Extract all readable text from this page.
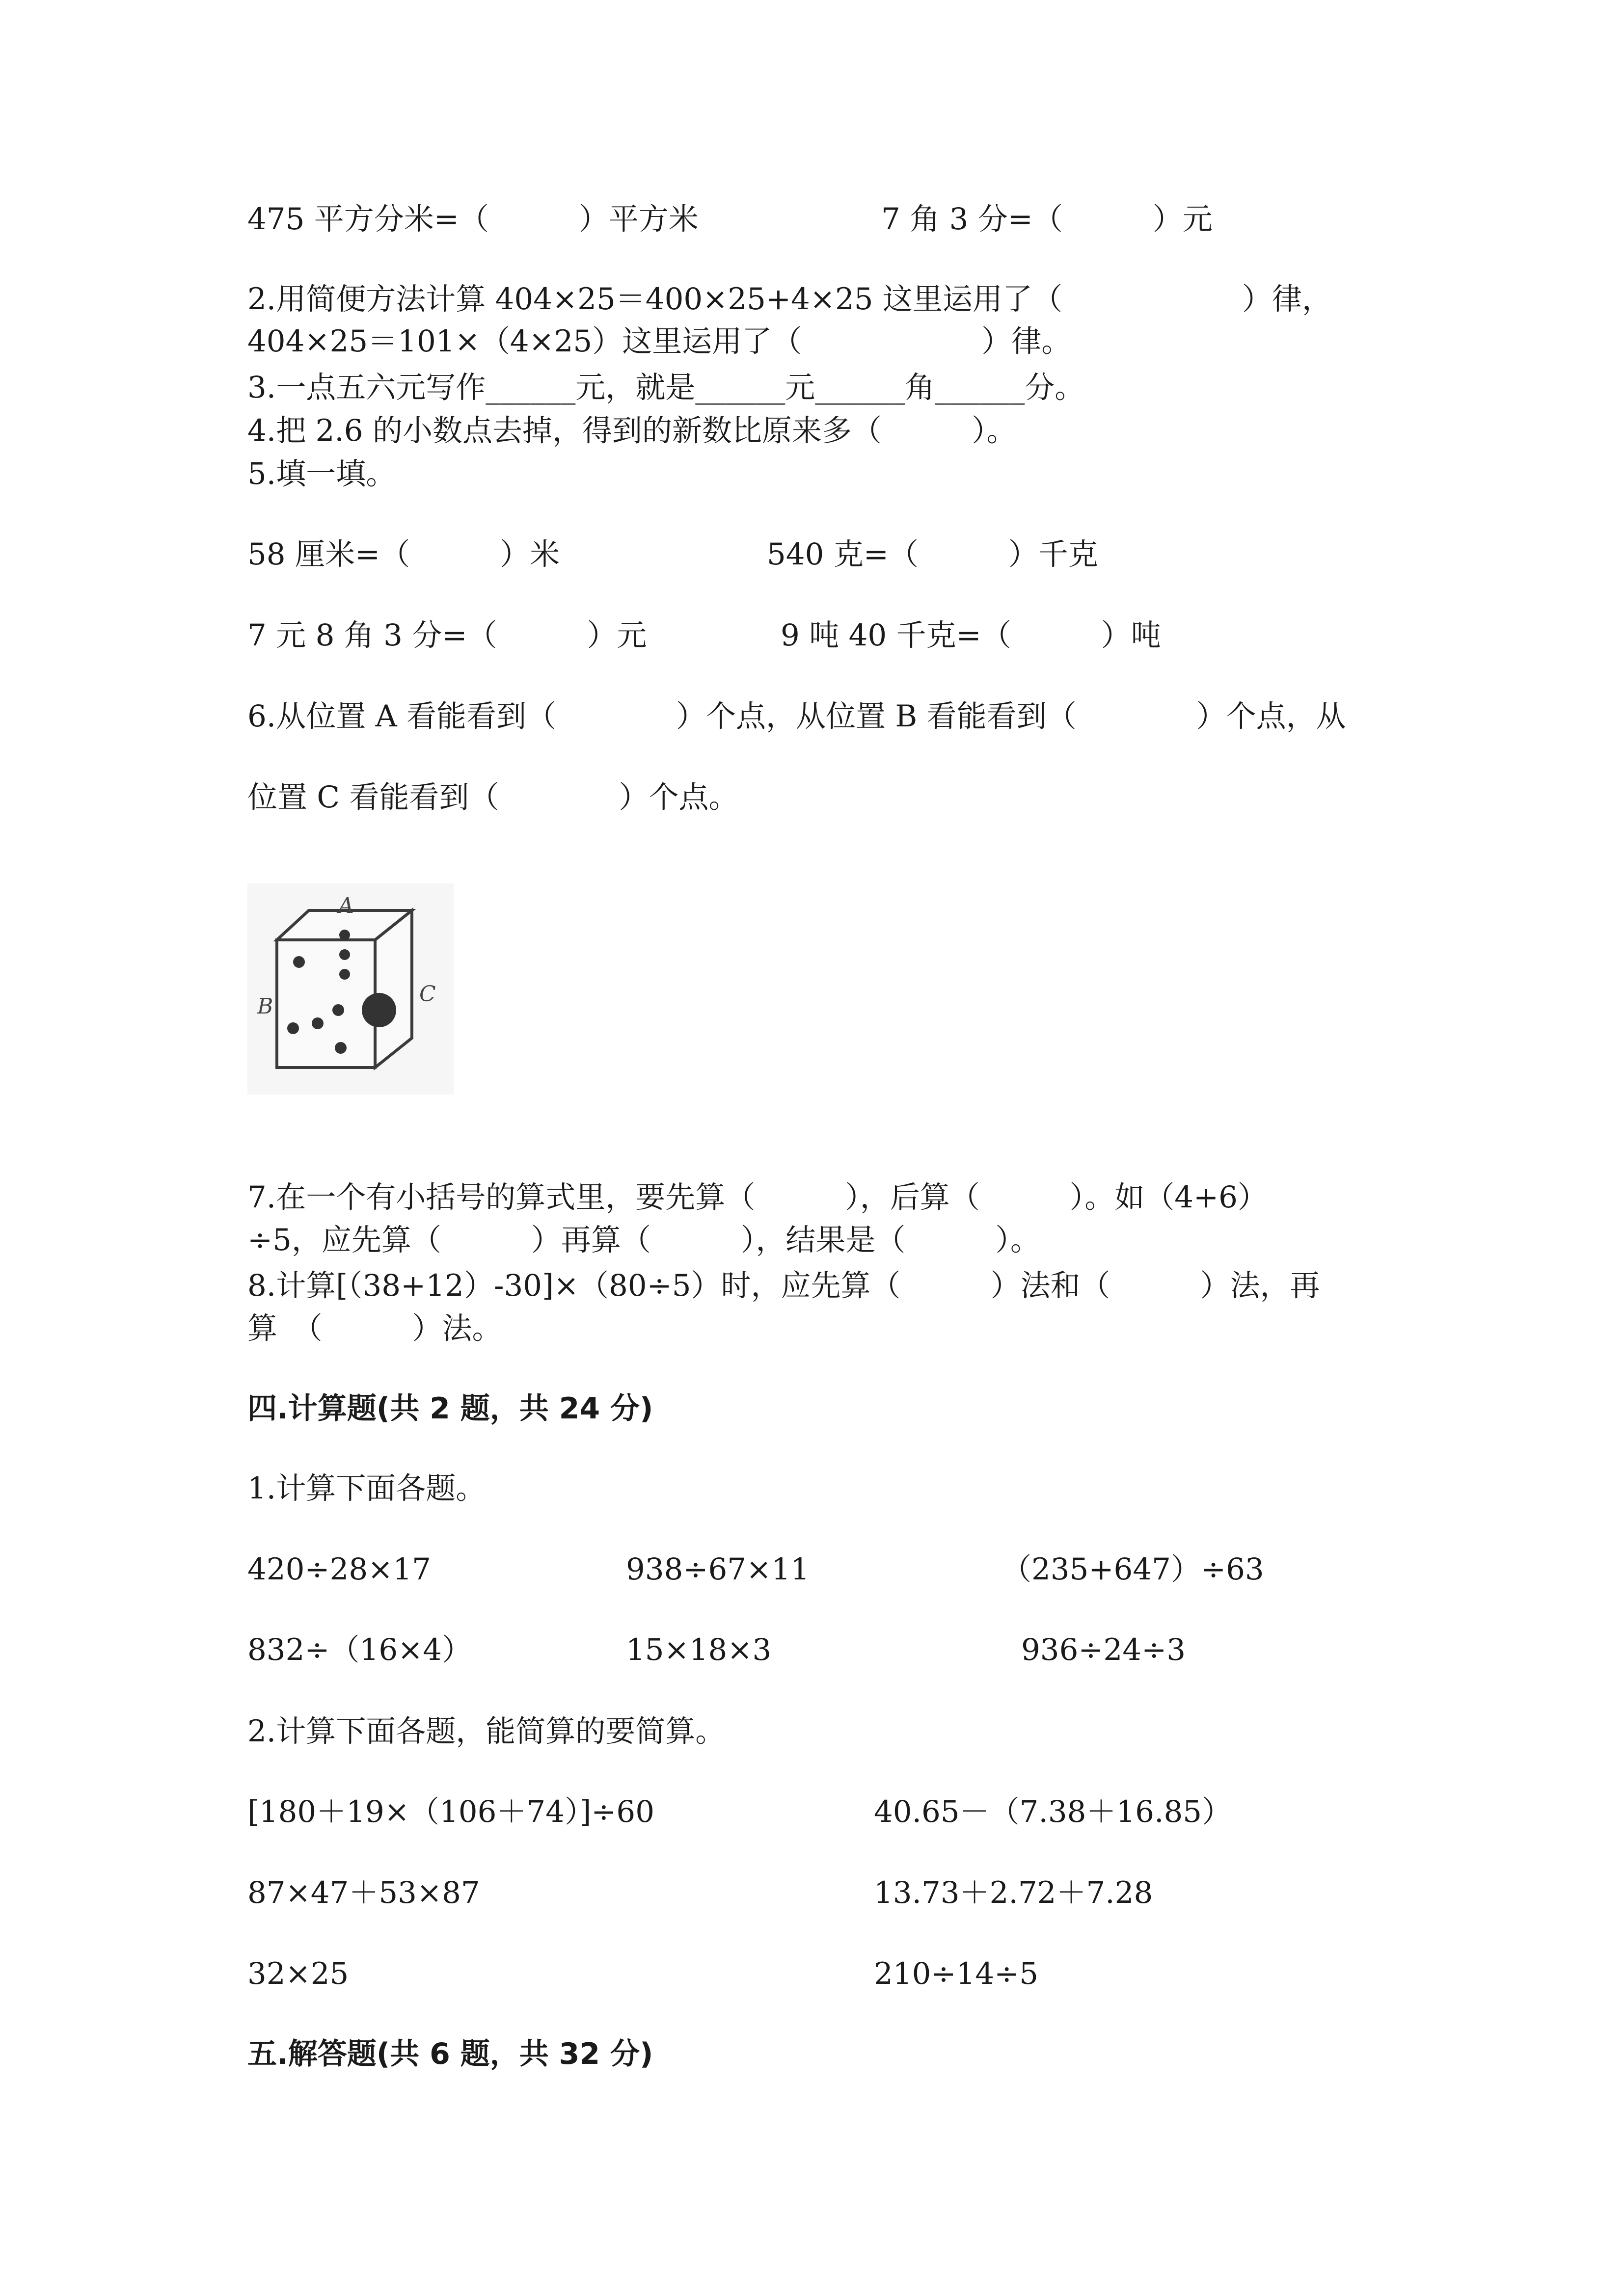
475 平方分米=（　　　）平方米	7 角 3 分=（　　　）元
2.用简便方法计算 404×25＝400×25+4×25 这里运用了（　　　　　　）律，
404×25＝101×（4×25）这里运用了（　　　　　　）律。
3.一点五六元写作______元，就是______元______角______分。
4.把 2.6 的小数点去掉，得到的新数比原来多（　　　）。
5.填一填。
58 厘米=（　　　）米	540 克=（　　　）千克
7 元 8 角 3 分=（　　　）元	9 吨 40 千克=（　　　）吨
6.从位置 A 看能看到（　　　　）个点，从位置 B 看能看到（　　　　）个点，从
位置 C 看能看到（　　　　）个点。
A
B	C
7.在一个有小括号的算式里，要先算（　　　），后算（　　　）。如（4+6）
÷5，应先算（　　　）再算（　　　），结果是（　　　）。
8.计算[（38+12）-30]×（80÷5）时，应先算（　　　）法和（　　　）法，再
算　（　　　）法。
四.计算题(共 2 题，共 24 分)
1.计算下面各题。
420÷28×17	938÷67×11	（235+647）÷63
832÷（16×4）	15×18×3	936÷24÷3
2.计算下面各题，能简算的要简算。
[180＋19×（106＋74）]÷60	40.65－（7.38＋16.85）
87×47＋53×87	13.73＋2.72＋7.28
32×25	210÷14÷5
五.解答题(共 6 题，共 32 分)
